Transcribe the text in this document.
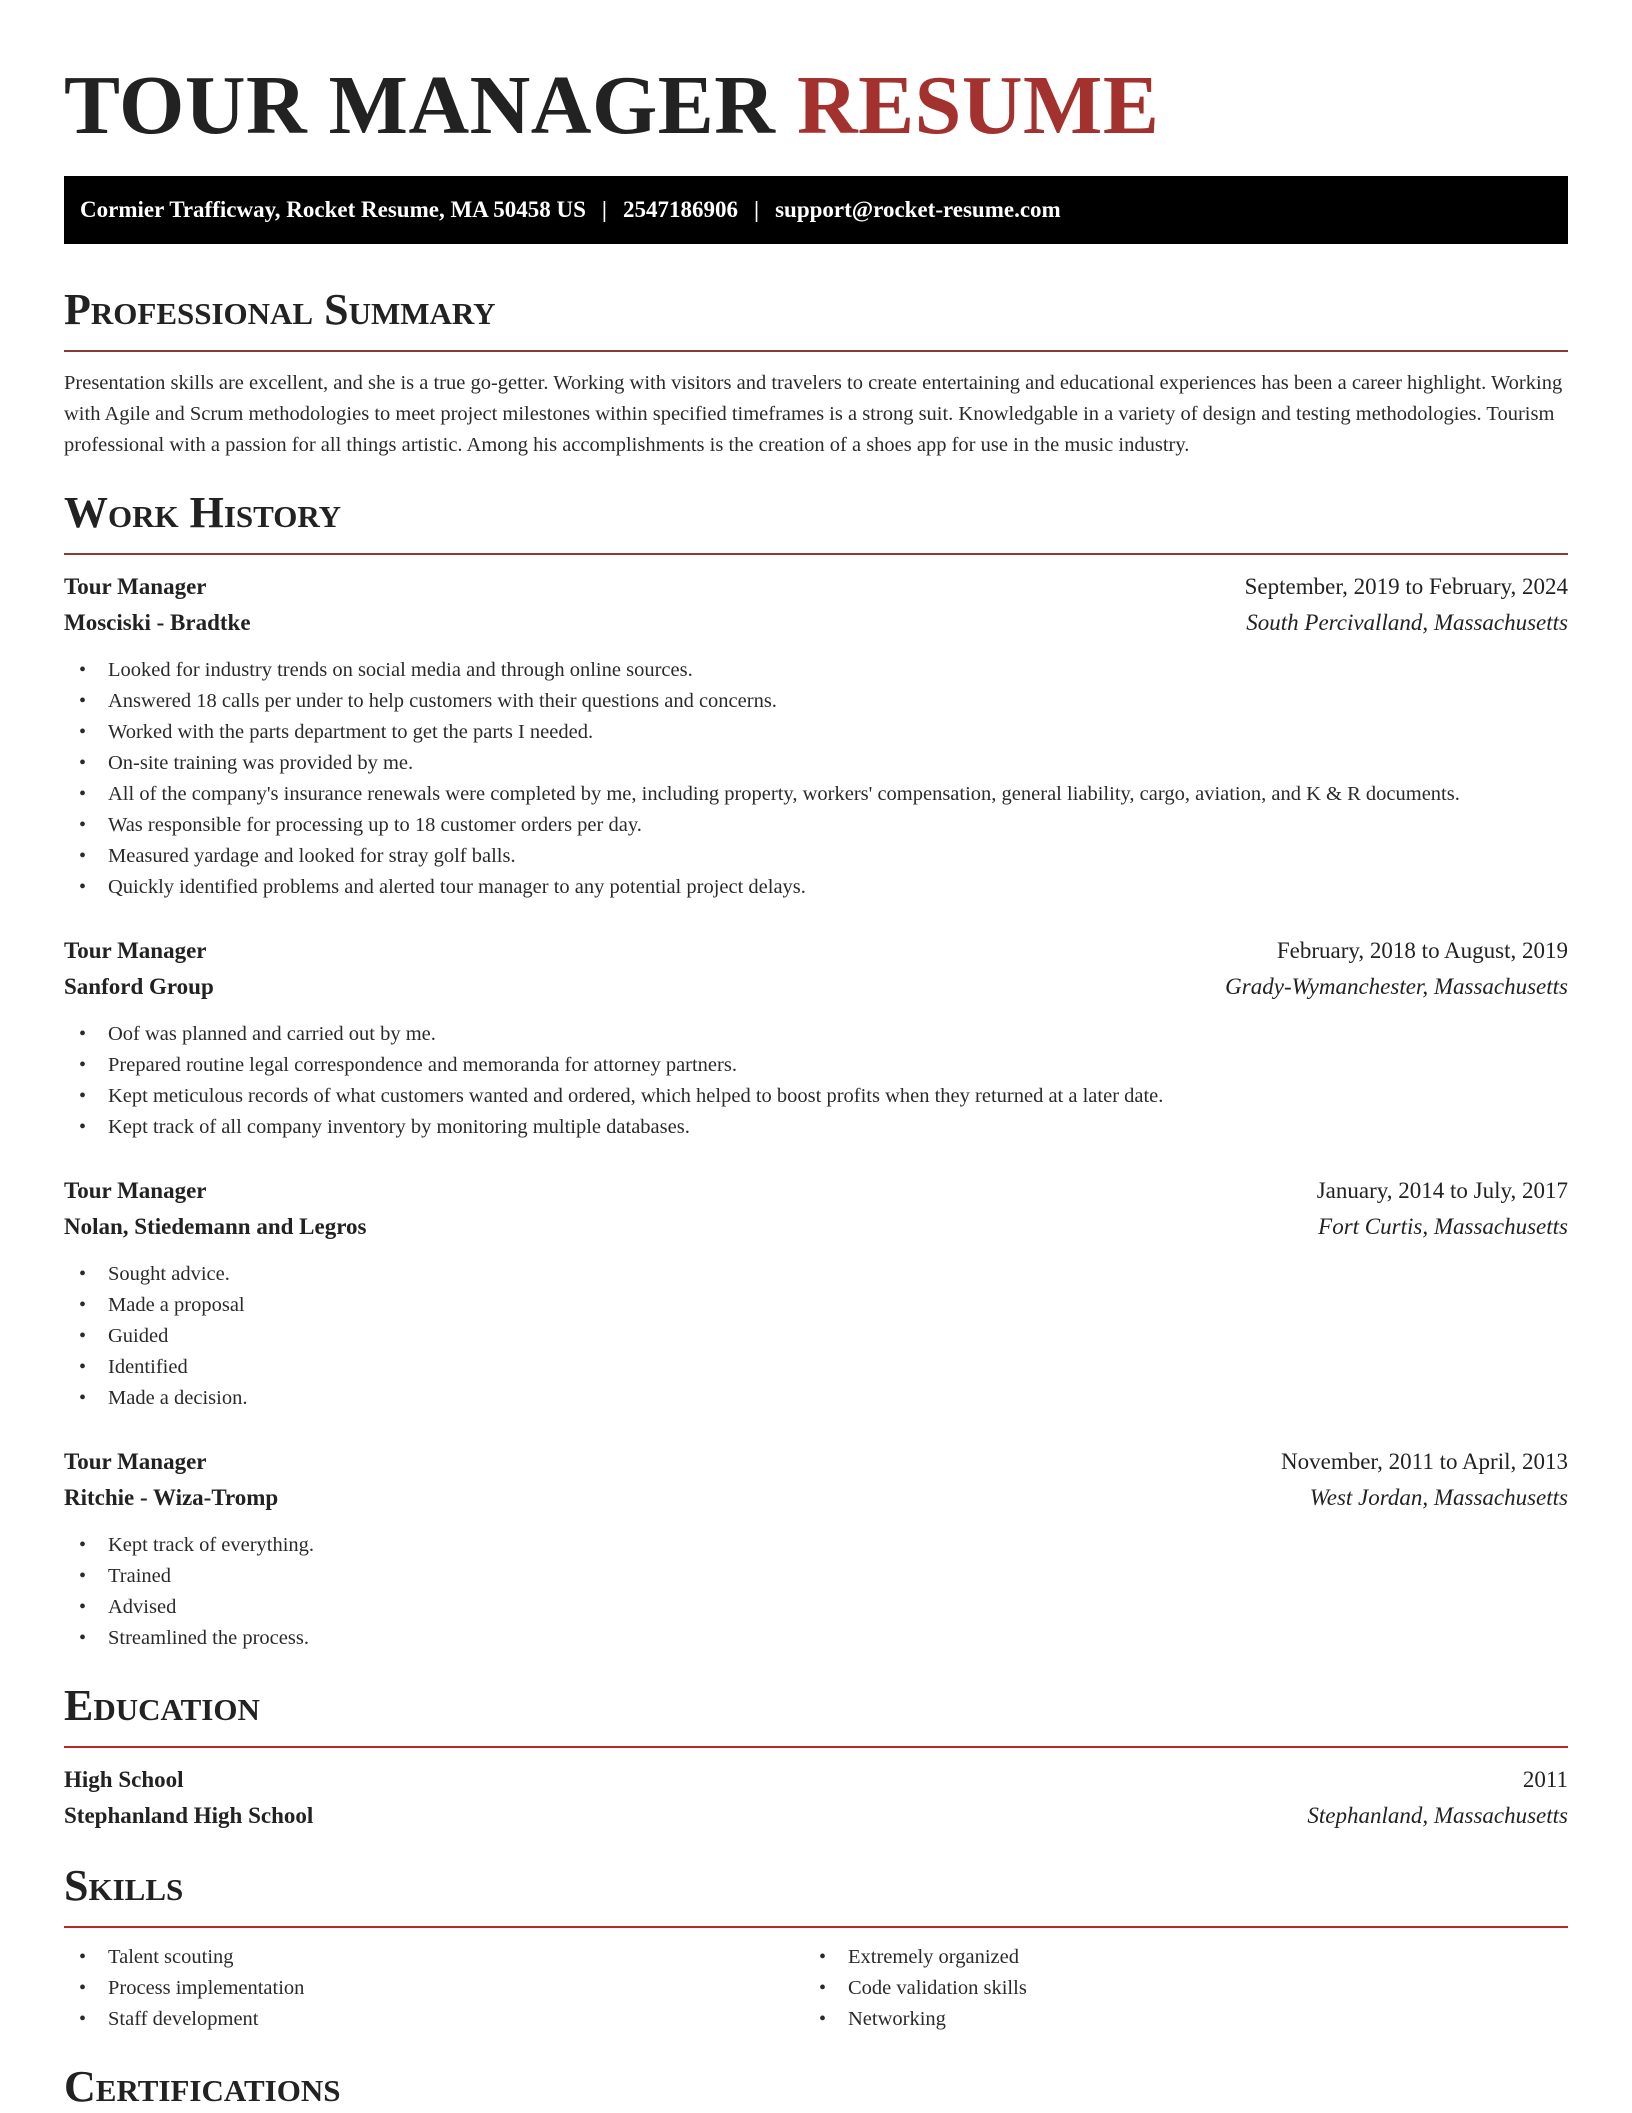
TOUR MANAGER RESUME
Cormier Trafficway, Rocket Resume, MA 50458 US | 2547186906 | support@rocket-resume.com
Professional Summary

Presentation skills are excellent, and she is a true go-getter. Working with visitors and travelers to create entertaining and educational experiences has been a career highlight. Working with Agile and Scrum methodologies to meet project milestones within specified timeframes is a strong suit. Knowledgable in a variety of design and testing methodologies. Tourism professional with a passion for all things artistic. Among his accomplishments is the creation of a shoes app for use in the music industry.

Work History
Tour Manager	September, 2019 to February, 2024
Mosciski - Bradtke	South Percivalland, Massachusetts
• Looked for industry trends on social media and through online sources.
• Answered 18 calls per under to help customers with their questions and concerns.
• Worked with the parts department to get the parts I needed.
• On-site training was provided by me.
• All of the company's insurance renewals were completed by me, including property, workers' compensation, general liability, cargo, aviation, and K & R documents.
• Was responsible for processing up to 18 customer orders per day.
• Measured yardage and looked for stray golf balls.
• Quickly identified problems and alerted tour manager to any potential project delays.
Tour Manager	February, 2018 to August, 2019
Sanford Group	Grady-Wymanchester, Massachusetts
• Oof was planned and carried out by me.
• Prepared routine legal correspondence and memoranda for attorney partners.
• Kept meticulous records of what customers wanted and ordered, which helped to boost profits when they returned at a later date.
• Kept track of all company inventory by monitoring multiple databases.
Tour Manager	January, 2014 to July, 2017
Nolan, Stiedemann and Legros	Fort Curtis, Massachusetts
• Sought advice.
• Made a proposal
• Guided
• Identified
• Made a decision.
Tour Manager	November, 2011 to April, 2013
Ritchie - Wiza-Tromp	West Jordan, Massachusetts
• Kept track of everything.
• Trained
• Advised
• Streamlined the process.
Education
High School	2011
Stephanland High School	Stephanland, Massachusetts
Skills
• Talent scouting
• Process implementation
• Staff development
• Extremely organized
• Code validation skills
• Networking
Certifications
